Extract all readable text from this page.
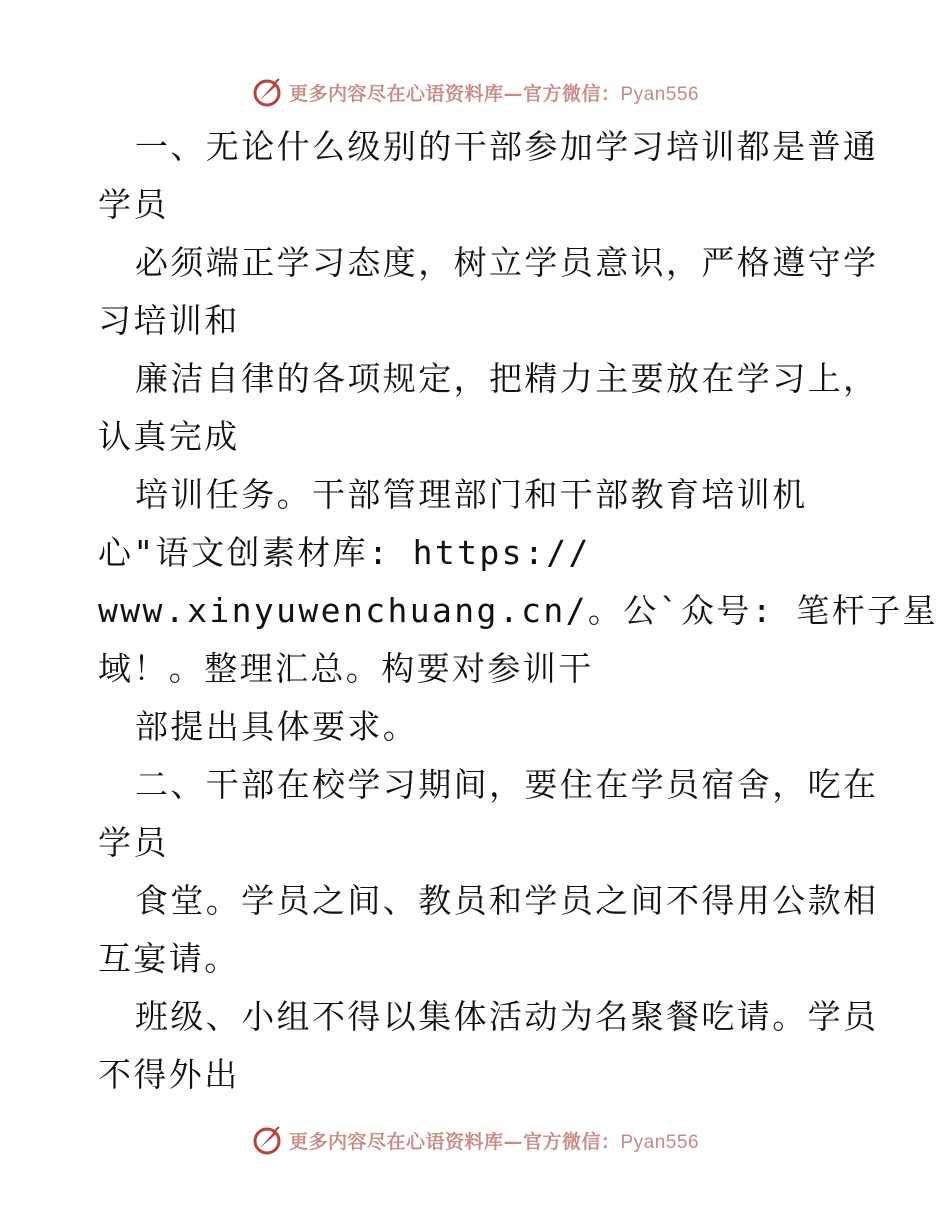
更多内容尽在心语资料库—官方微信：Pyan556
一、无论什么级别的干部参加学习培训都是普通
学员
必须端正学习态度，树立学员意识，严格遵守学
习培训和
廉洁自律的各项规定，把精力主要放在学习上，
认真完成
培训任务。干部管理部门和干部教育培训机
心"语文创素材库: https://
www.xinyuwenchuang.cn/。公`众号: 笔杆子星
域！。整理汇总。构要对参训干
部提出具体要求。
二、干部在校学习期间，要住在学员宿舍，吃在
学员
食堂。学员之间、教员和学员之间不得用公款相
互宴请。
班级、小组不得以集体活动为名聚餐吃请。学员
不得外出
更多内容尽在心语资料库—官方微信：Pyan556
